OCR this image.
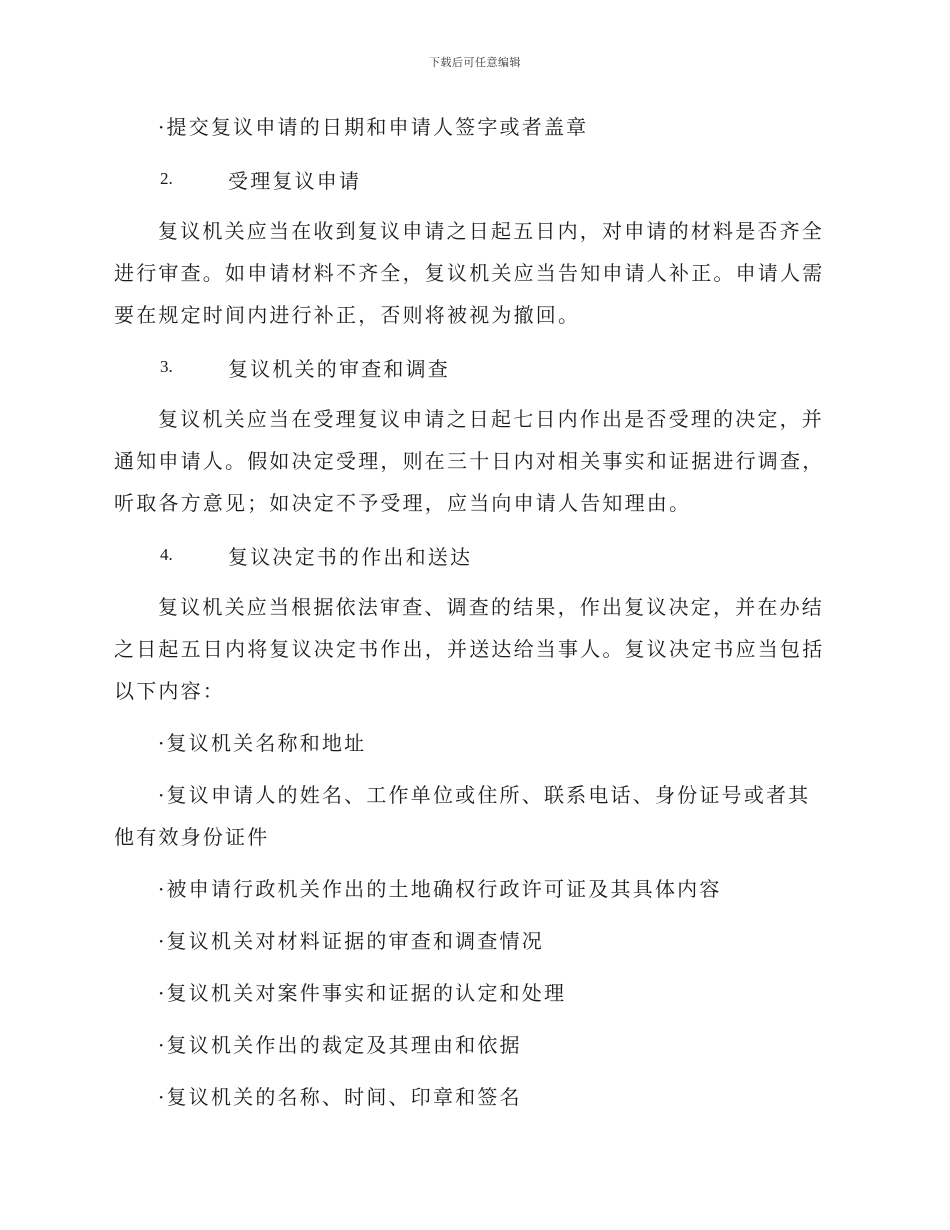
下载后可任意编辑

·提交复议申请的日期和申请人签字或者盖章

2.	受理复议申请

复议机关应当在收到复议申请之日起五日内，对申请的材料是否齐全进行审查。如申请材料不齐全，复议机关应当告知申请人补正。申请人需要在规定时间内进行补正，否则将被视为撤回。

3.	复议机关的审查和调查

复议机关应当在受理复议申请之日起七日内作出是否受理的决定，并通知申请人。假如决定受理，则在三十日内对相关事实和证据进行调查，听取各方意见；如决定不予受理，应当向申请人告知理由。

4.	复议决定书的作出和送达

复议机关应当根据依法审查、调查的结果，作出复议决定，并在办结之日起五日内将复议决定书作出，并送达给当事人。复议决定书应当包括以下内容：

·复议机关名称和地址

·复议申请人的姓名、工作单位或住所、联系电话、身份证号或者其他有效身份证件

·被申请行政机关作出的土地确权行政许可证及其具体内容

·复议机关对材料证据的审查和调查情况

·复议机关对案件事实和证据的认定和处理

·复议机关作出的裁定及其理由和依据

·复议机关的名称、时间、印章和签名
